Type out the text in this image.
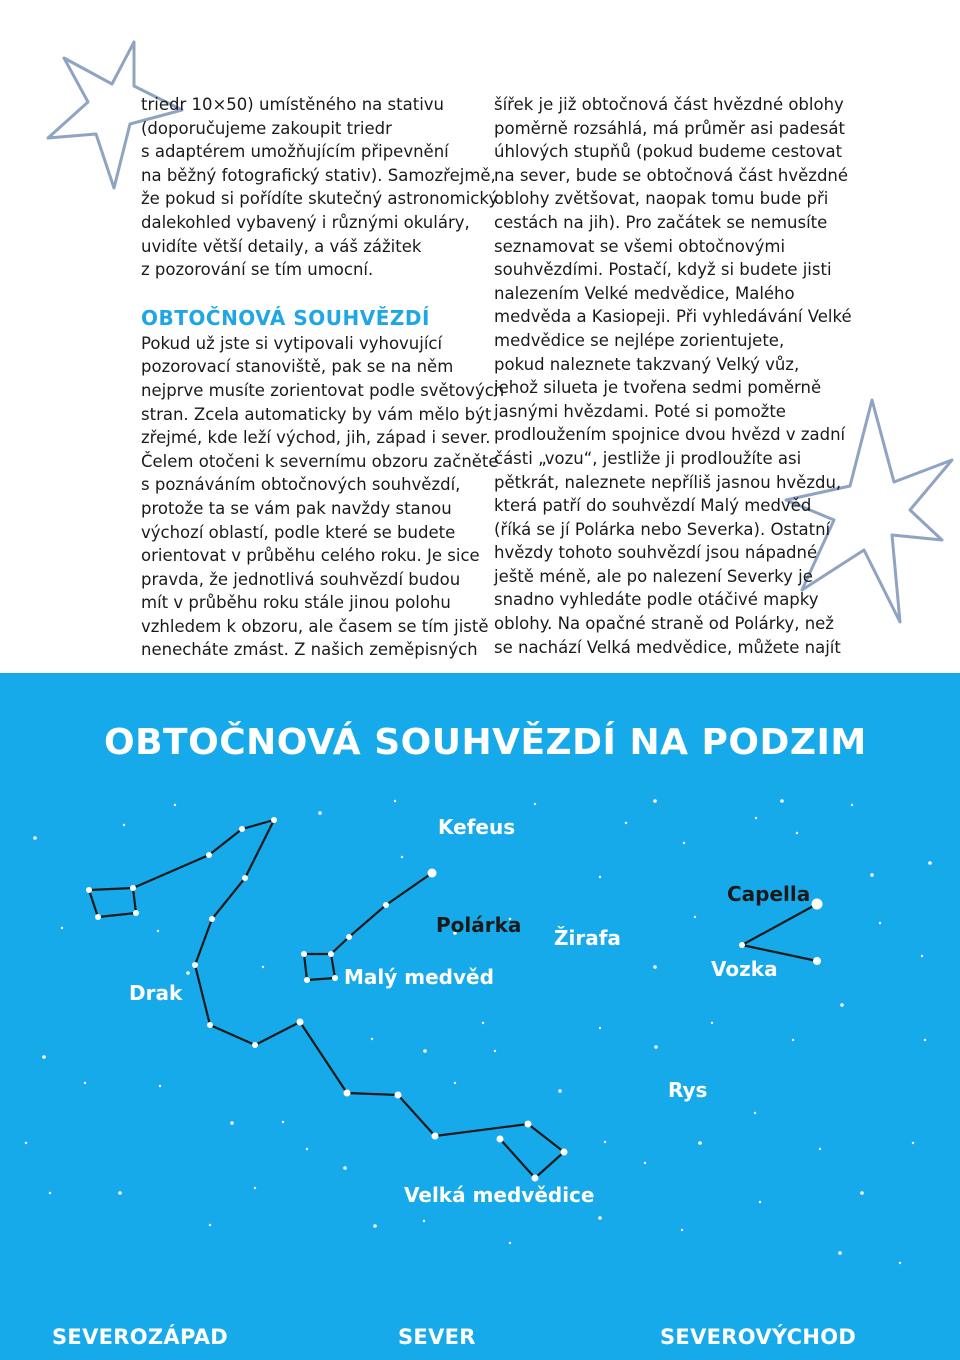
triedr 10×50) umístěného na stativu
(doporučujeme zakoupit triedr
s adaptérem umožňujícím připevnění
na běžný fotografický stativ). Samozřejmě,
že pokud si pořídíte skutečný astronomický
dalekohled vybavený i různými okuláry,
uvidíte větší detaily, a váš zážitek
z pozorování se tím umocní.
OBTOČNOVÁ SOUHVĚZDÍ
Pokud už jste si vytipovali vyhovující
pozorovací stanoviště, pak se na něm
nejprve musíte zorientovat podle světových
stran. Zcela automaticky by vám mělo být
zřejmé, kde leží východ, jih, západ i sever.
Čelem otočeni k severnímu obzoru začněte
s poznáváním obtočnových souhvězdí,
protože ta se vám pak navždy stanou
výchozí oblastí, podle které se budete
orientovat v průběhu celého roku. Je sice
pravda, že jednotlivá souhvězdí budou
mít v průběhu roku stále jinou polohu
vzhledem k obzoru, ale časem se tím jistě
nenecháte zmást. Z našich zeměpisných
šířek je již obtočnová část hvězdné oblohy
poměrně rozsáhlá, má průměr asi padesát
úhlových stupňů (pokud budeme cestovat
na sever, bude se obtočnová část hvězdné
oblohy zvětšovat, naopak tomu bude při
cestách na jih). Pro začátek se nemusíte
seznamovat se všemi obtočnovými
souhvězdími. Postačí, když si budete jisti
nalezením Velké medvědice, Malého
medvěda a Kasiopeji. Při vyhledávání Velké
medvědice se nejlépe zorientujete,
pokud naleznete takzvaný Velký vůz,
jehož silueta je tvořena sedmi poměrně
jasnými hvězdami. Poté si pomožte
prodloužením spojnice dvou hvězd v zadní
části „vozu“, jestliže ji prodloužíte asi
pětkrát, naleznete nepříliš jasnou hvězdu,
která patří do souhvězdí Malý medvěd
(říká se jí Polárka nebo Severka). Ostatní
hvězdy tohoto souhvězdí jsou nápadné
ještě méně, ale po nalezení Severky je
snadno vyhledáte podle otáčivé mapky
oblohy. Na opačné straně od Polárky, než
se nachází Velká medvědice, můžete najít
OBTOČNOVÁ SOUHVĚZDÍ NA PODZIM
Kefeus
Polárka
Žirafa
Capella
Vozka
Drak
Malý medvěd
Rys
Velká medvědice
SEVEROZÁPAD	SEVER	SEVEROVÝCHOD
